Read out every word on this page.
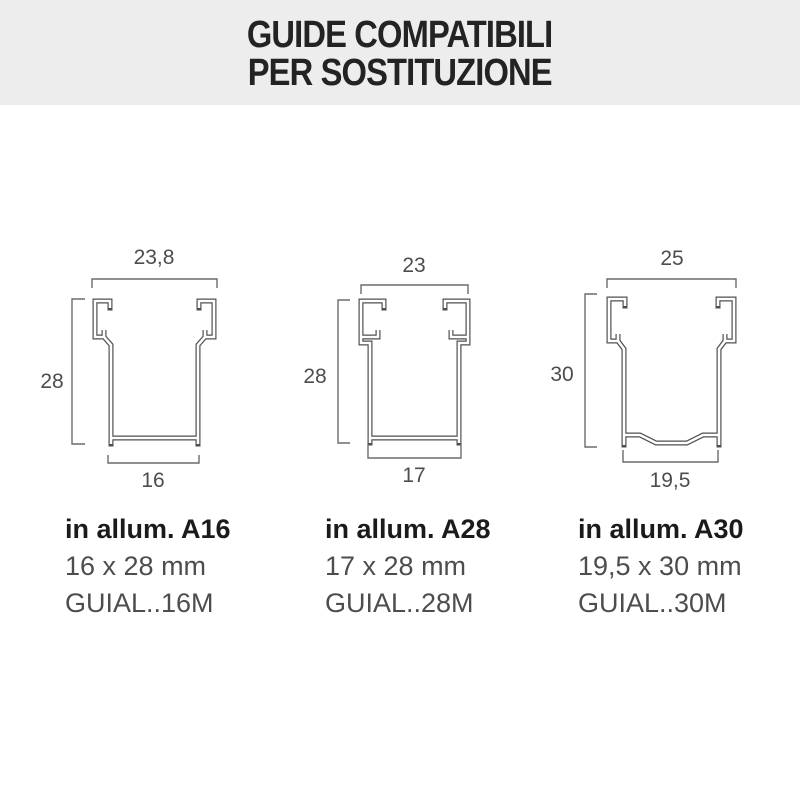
GUIDE COMPATIBILI
PER SOSTITUZIONE
23,8
28
16
23
28
17
25
30
19,5
in allum. A16
16 x 28 mm
GUIAL..16M
in allum. A28
17 x 28 mm
GUIAL..28M
in allum. A30
19,5 x 30 mm
GUIAL..30M
